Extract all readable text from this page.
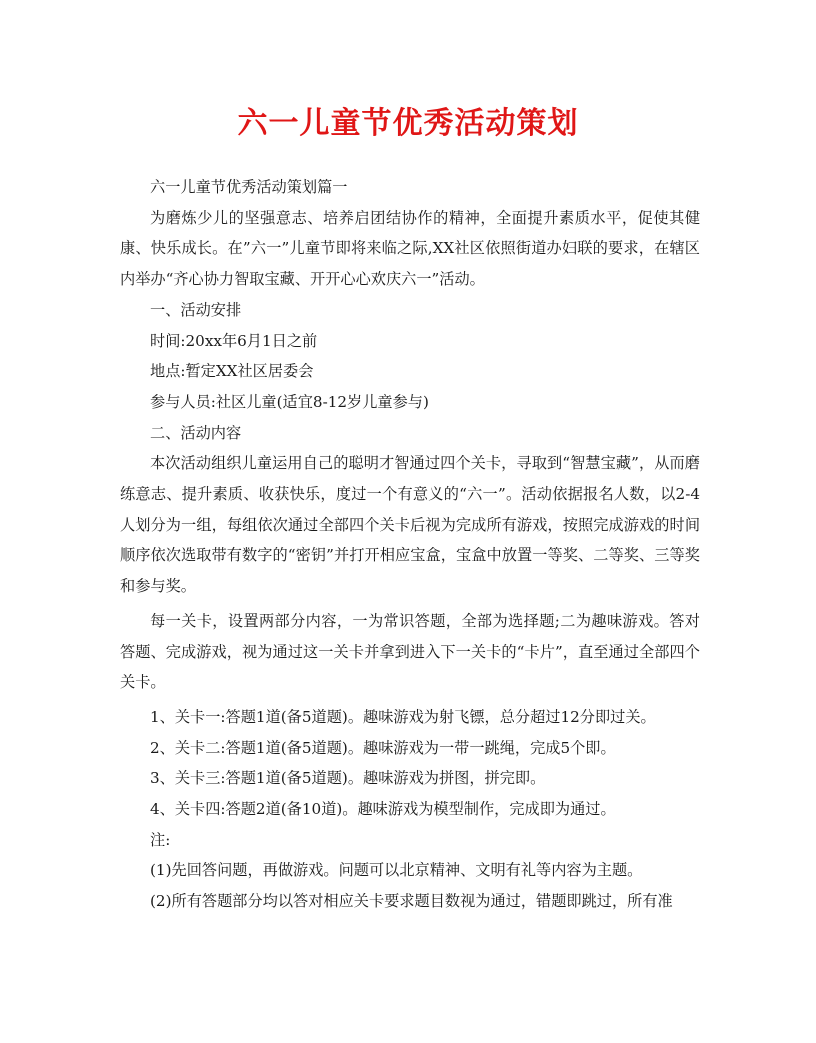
六一儿童节优秀活动策划

六一儿童节优秀活动策划篇一

为磨炼少儿的坚强意志、培养启团结协作的精神，全面提升素质水平，促使其健康、快乐成长。在”六一”儿童节即将来临之际,XX社区依照街道办妇联的要求，在辖区内举办“齐心协力智取宝藏、开开心心欢庆六一”活动。

一、活动安排

时间:20xx年6月1日之前

地点:暂定XX社区居委会

参与人员:社区儿童(适宜8-12岁儿童参与)

二、活动内容

本次活动组织儿童运用自己的聪明才智通过四个关卡，寻取到“智慧宝藏”，从而磨练意志、提升素质、收获快乐，度过一个有意义的“六一”。活动依据报名人数，以2-4人划分为一组，每组依次通过全部四个关卡后视为完成所有游戏，按照完成游戏的时间顺序依次选取带有数字的“密钥”并打开相应宝盒，宝盒中放置一等奖、二等奖、三等奖和参与奖。

每一关卡，设置两部分内容，一为常识答题，全部为选择题;二为趣味游戏。答对答题、完成游戏，视为通过这一关卡并拿到进入下一关卡的“卡片”，直至通过全部四个关卡。

1、关卡一:答题1道(备5道题)。趣味游戏为射飞镖，总分超过12分即过关。

2、关卡二:答题1道(备5道题)。趣味游戏为一带一跳绳，完成5个即。

3、关卡三:答题1道(备5道题)。趣味游戏为拼图，拼完即。

4、关卡四:答题2道(备10道)。趣味游戏为模型制作，完成即为通过。

注:

(1)先回答问题，再做游戏。问题可以北京精神、文明有礼等内容为主题。

(2)所有答题部分均以答对相应关卡要求题目数视为通过，错题即跳过，所有准
